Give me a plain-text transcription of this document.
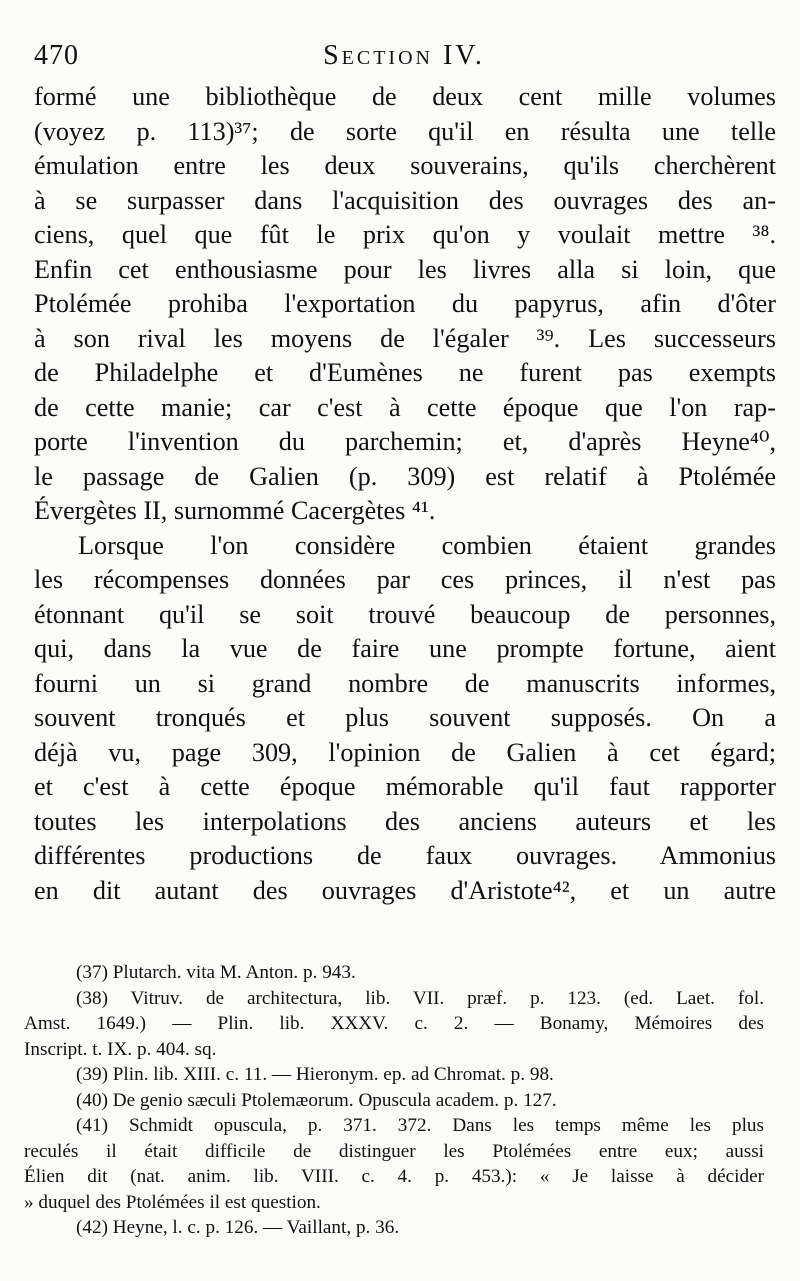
470	Section IV.
formé une bibliothèque de deux cent mille volumes
(voyez p. 113)³⁷; de sorte qu'il en résulta une telle
émulation entre les deux souverains, qu'ils cherchèrent
à se surpasser dans l'acquisition des ouvrages des an-
ciens, quel que fût le prix qu'on y voulait mettre ³⁸.
Enfin cet enthousiasme pour les livres alla si loin, que
Ptolémée prohiba l'exportation du papyrus, afin d'ôter
à son rival les moyens de l'égaler ³⁹. Les successeurs
de Philadelphe et d'Eumènes ne furent pas exempts
de cette manie; car c'est à cette époque que l'on rap-
porte l'invention du parchemin; et, d'après Heyne⁴⁰,
le passage de Galien (p. 309) est relatif à Ptolémée
Évergètes II, surnommé Cacergètes ⁴¹.
Lorsque l'on considère combien étaient grandes
les récompenses données par ces princes, il n'est pas
étonnant qu'il se soit trouvé beaucoup de personnes,
qui, dans la vue de faire une prompte fortune, aient
fourni un si grand nombre de manuscrits informes,
souvent tronqués et plus souvent supposés. On a
déjà vu, page 309, l'opinion de Galien à cet égard;
et c'est à cette époque mémorable qu'il faut rapporter
toutes les interpolations des anciens auteurs et les
différentes productions de faux ouvrages. Ammonius
en dit autant des ouvrages d'Aristote⁴², et un autre
(37) Plutarch. vita M. Anton. p. 943.
(38) Vitruv. de architectura, lib. VII. præf. p. 123. (ed. Laet. fol.
Amst. 1649.) — Plin. lib. XXXV. c. 2. — Bonamy, Mémoires des
Inscript. t. IX. p. 404. sq.
(39) Plin. lib. XIII. c. 11. — Hieronym. ep. ad Chromat. p. 98.
(40) De genio sæculi Ptolemæorum. Opuscula academ. p. 127.
(41) Schmidt opuscula, p. 371. 372. Dans les temps même les plus
reculés il était difficile de distinguer les Ptolémées entre eux; aussi
Élien dit (nat. anim. lib. VIII. c. 4. p. 453.): « Je laisse à décider
» duquel des Ptolémées il est question.
(42) Heyne, l. c. p. 126. — Vaillant, p. 36.
